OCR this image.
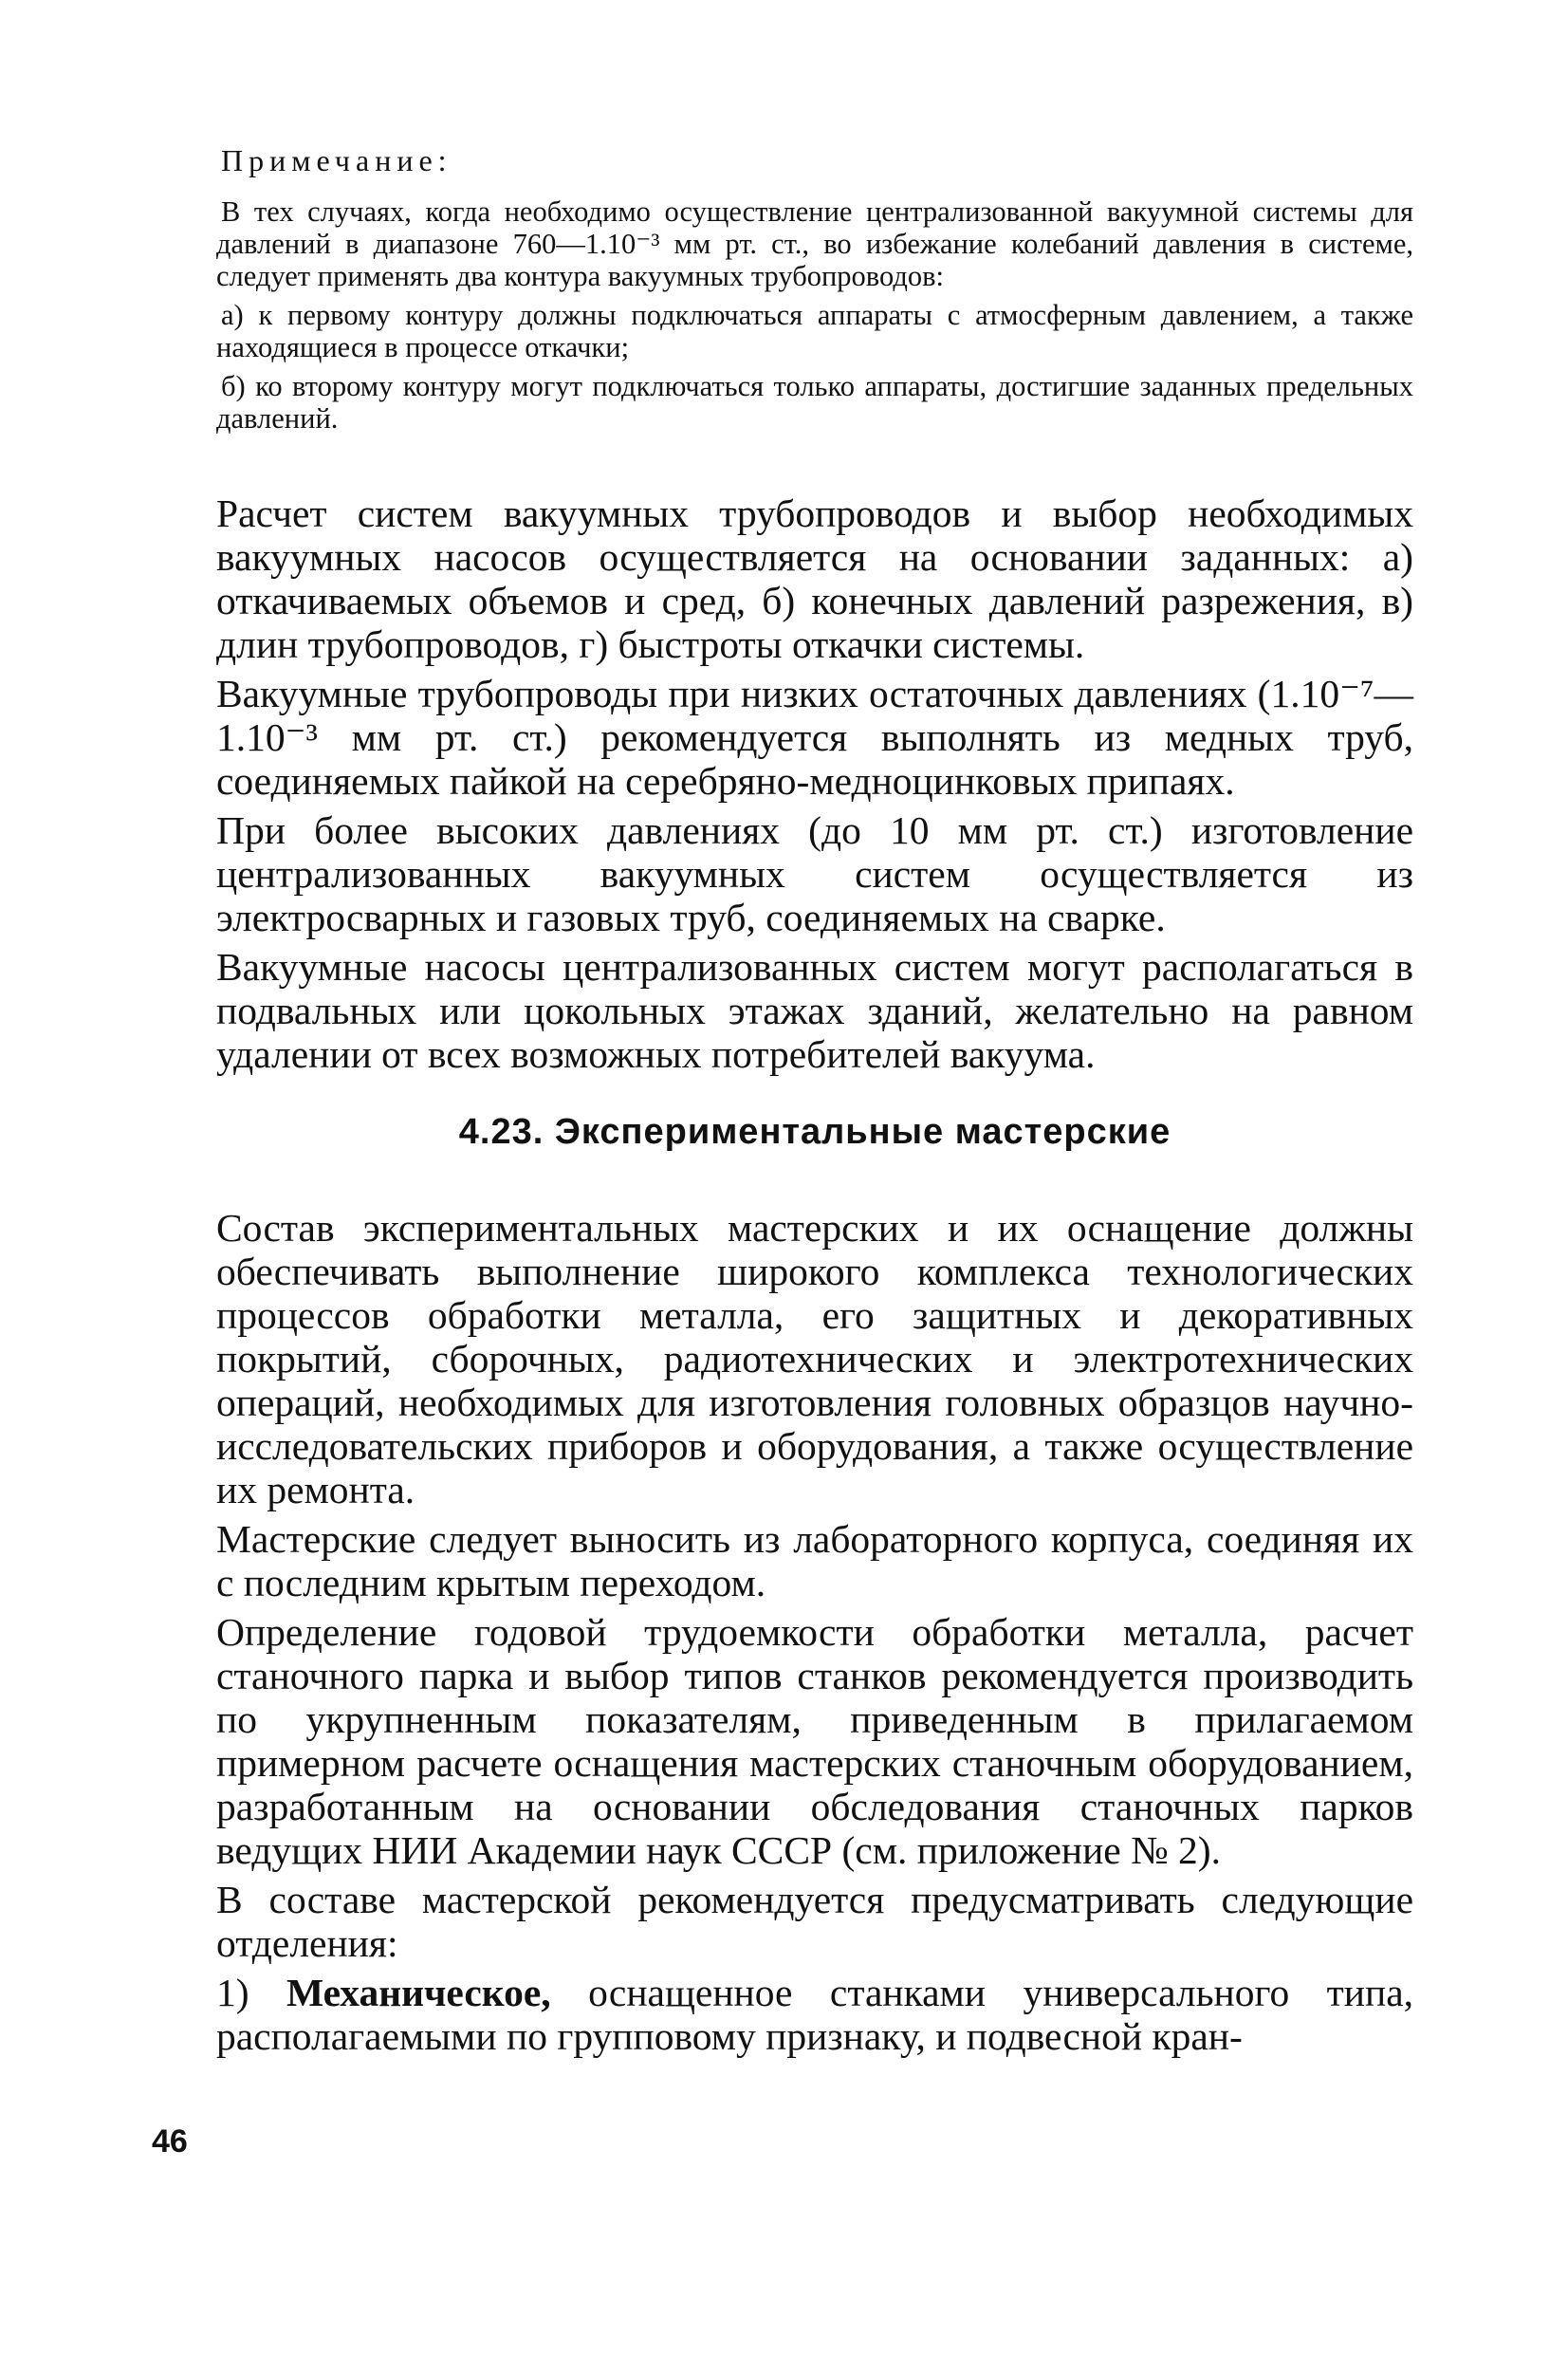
Примечание:

В тех случаях, когда необходимо осуществление централизованной вакуумной системы для давлений в диапазоне 760—1.10⁻³ мм рт. ст., во избежание колебаний давления в системе, следует применять два контура вакуумных трубопроводов:

а) к первому контуру должны подключаться аппараты с атмосферным давлением, а также находящиеся в процессе откачки;

б) ко второму контуру могут подключаться только аппараты, достигшие заданных предельных давлений.

Расчет систем вакуумных трубопроводов и выбор необходимых вакуумных насосов осуществляется на основании заданных: а) откачиваемых объемов и сред, б) конечных давлений разрежения, в) длин трубопроводов, г) быстроты откачки системы.

Вакуумные трубопроводы при низких остаточных давлениях (1.10⁻⁷—1.10⁻³ мм рт. ст.) рекомендуется выполнять из медных труб, соединяемых пайкой на серебряно-медноцинковых припаях.

При более высоких давлениях (до 10 мм рт. ст.) изготовление централизованных вакуумных систем осуществляется из электросварных и газовых труб, соединяемых на сварке.

Вакуумные насосы централизованных систем могут располагаться в подвальных или цокольных этажах зданий, желательно на равном удалении от всех возможных потребителей вакуума.

4.23. Экспериментальные мастерские

Состав экспериментальных мастерских и их оснащение должны обеспечивать выполнение широкого комплекса технологических процессов обработки металла, его защитных и декоративных покрытий, сборочных, радиотехнических и электротехнических операций, необходимых для изготовления головных образцов научно-исследовательских приборов и оборудования, а также осуществление их ремонта.

Мастерские следует выносить из лабораторного корпуса, соединяя их с последним крытым переходом.

Определение годовой трудоемкости обработки металла, расчет станочного парка и выбор типов станков рекомендуется производить по укрупненным показателям, приведенным в прилагаемом примерном расчете оснащения мастерских станочным оборудованием, разработанным на основании обследования станочных парков ведущих НИИ Академии наук СССР (см. приложение № 2).

В составе мастерской рекомендуется предусматривать следующие отделения:

1) Механическое, оснащенное станками универсального типа, располагаемыми по групповому признаку, и подвесной кран-

46
